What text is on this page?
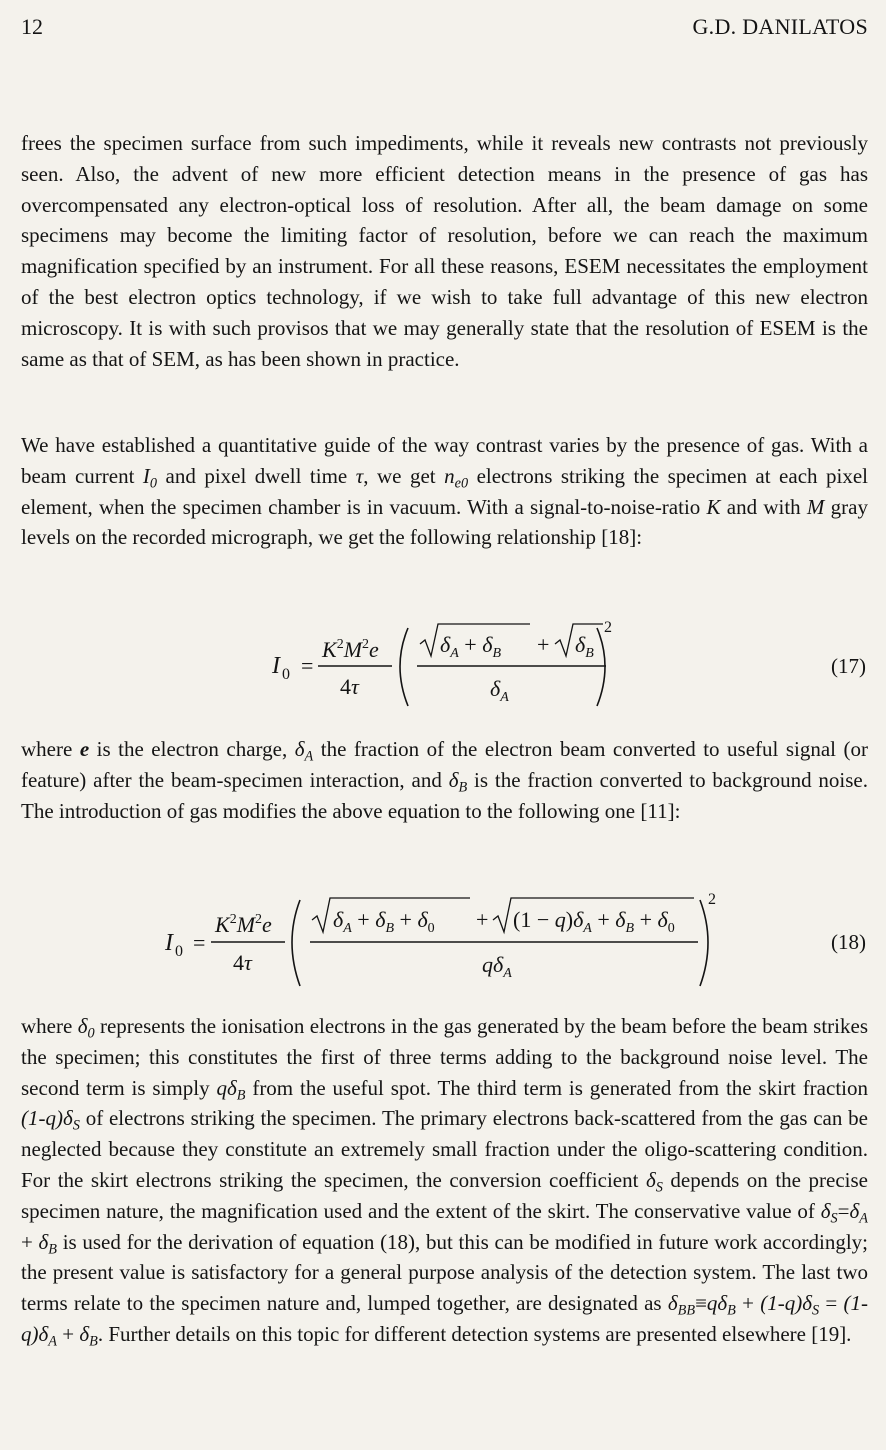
12	G.D. DANILATOS

frees the specimen surface from such impediments, while it reveals new contrasts not previously seen. Also, the advent of new more efficient detection means in the presence of gas has overcompensated any electron-optical loss of resolution. After all, the beam damage on some specimens may become the limiting factor of resolution, before we can reach the maximum magnification specified by an instrument. For all these reasons, ESEM necessitates the employment of the best electron optics technology, if we wish to take full advantage of this new electron microscopy. It is with such provisos that we may generally state that the resolution of ESEM is the same as that of SEM, as has been shown in practice.

We have established a quantitative guide of the way contrast varies by the presence of gas. With a beam current $I_0$ and pixel dwell time τ, we get $n_{e0}$ electrons striking the specimen at each pixel element, when the specimen chamber is in vacuum. With a signal-to-noise-ratio K and with M gray levels on the recorded micrograph, we get the following relationship [18]:

I 0 =
$K^2M^2e$
4τ
$\delta_A + \delta_B + \delta_B$
$\delta_A$
2
(17)

where e is the electron charge, $\delta_A$ the fraction of the electron beam converted to useful signal (or feature) after the beam-specimen interaction, and $\delta_B$ is the fraction converted to background noise. The introduction of gas modifies the above equation to the following one [11]:

I 0 =
$K^2M^2e$
4τ
$\delta_A + \delta_B + \delta_0 + (1 - q)\delta_A + \delta_B + \delta_0$
$q\delta_A$
2
(18)

where $\delta_0$ represents the ionisation electrons in the gas generated by the beam before the beam strikes the specimen; this constitutes the first of three terms adding to the background noise level. The second term is simply $q\delta_B$ from the useful spot. The third term is generated from the skirt fraction $(1-q)\delta_S$ of electrons striking the specimen. The primary electrons back-scattered from the gas can be neglected because they constitute an extremely small fraction under the oligo-scattering condition. For the skirt electrons striking the specimen, the conversion coefficient $\delta_S$ depends on the precise specimen nature, the magnification used and the extent of the skirt. The conservative value of $\delta_S=\delta_A + \delta_B$ is used for the derivation of equation (18), but this can be modified in future work accordingly; the present value is satisfactory for a general purpose analysis of the detection system. The last two terms relate to the specimen nature and, lumped together, are designated as $\delta_{BB}\equiv q\delta_B + (1-q)\delta_S = (1-q)\delta_A + \delta_B$. Further details on this topic for different detection systems are presented elsewhere [19].
